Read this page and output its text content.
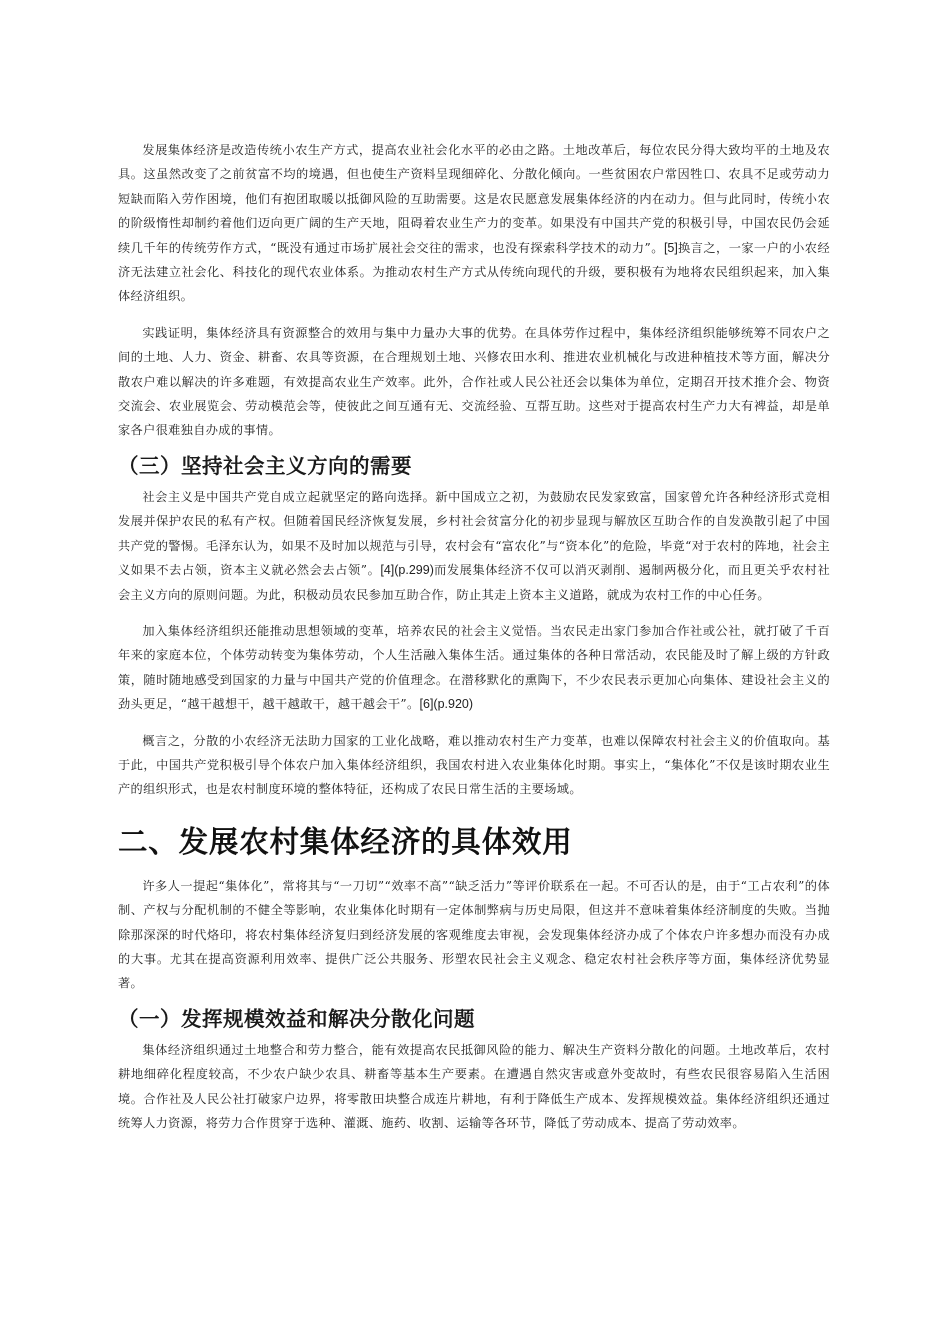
发展集体经济是改造传统小农生产方式，提高农业社会化水平的必由之路。土地改革后，每位农民分得大致均平的土地及农具。这虽然改变了之前贫富不均的境遇，但也使生产资料呈现细碎化、分散化倾向。一些贫困农户常因牲口、农具不足或劳动力短缺而陷入劳作困境，他们有抱团取暖以抵御风险的互助需要。这是农民愿意发展集体经济的内在动力。但与此同时，传统小农的阶级惰性却制约着他们迈向更广阔的生产天地，阻碍着农业生产力的变革。如果没有中国共产党的积极引导，中国农民仍会延续几千年的传统劳作方式，“既没有通过市场扩展社会交往的需求，也没有探索科学技术的动力”。[5]换言之，一家一户的小农经济无法建立社会化、科技化的现代农业体系。为推动农村生产方式从传统向现代的升级，要积极有为地将农民组织起来，加入集体经济组织。

实践证明，集体经济具有资源整合的效用与集中力量办大事的优势。在具体劳作过程中，集体经济组织能够统筹不同农户之间的土地、人力、资金、耕畜、农具等资源，在合理规划土地、兴修农田水利、推进农业机械化与改进种植技术等方面，解决分散农户难以解决的许多难题，有效提高农业生产效率。此外，合作社或人民公社还会以集体为单位，定期召开技术推介会、物资交流会、农业展览会、劳动模范会等，使彼此之间互通有无、交流经验、互帮互助。这些对于提高农村生产力大有裨益，却是单家各户很难独自办成的事情。

（三）坚持社会主义方向的需要

社会主义是中国共产党自成立起就坚定的路向选择。新中国成立之初，为鼓励农民发家致富，国家曾允许各种经济形式竞相发展并保护农民的私有产权。但随着国民经济恢复发展，乡村社会贫富分化的初步显现与解放区互助合作的自发涣散引起了中国共产党的警惕。毛泽东认为，如果不及时加以规范与引导，农村会有“富农化”与“资本化”的危险，毕竟“对于农村的阵地，社会主义如果不去占领，资本主义就必然会去占领”。[4](p.299)而发展集体经济不仅可以消灭剥削、遏制两极分化，而且更关乎农村社会主义方向的原则问题。为此，积极动员农民参加互助合作，防止其走上资本主义道路，就成为农村工作的中心任务。

加入集体经济组织还能推动思想领域的变革，培养农民的社会主义觉悟。当农民走出家门参加合作社或公社，就打破了千百年来的家庭本位，个体劳动转变为集体劳动，个人生活融入集体生活。通过集体的各种日常活动，农民能及时了解上级的方针政策，随时随地感受到国家的力量与中国共产党的价值理念。在潜移默化的熏陶下，不少农民表示更加心向集体、建设社会主义的劲头更足，“越干越想干，越干越敢干，越干越会干”。[6](p.920)

概言之，分散的小农经济无法助力国家的工业化战略，难以推动农村生产力变革，也难以保障农村社会主义的价值取向。基于此，中国共产党积极引导个体农户加入集体经济组织，我国农村进入农业集体化时期。事实上，“集体化”不仅是该时期农业生产的组织形式，也是农村制度环境的整体特征，还构成了农民日常生活的主要场域。

二、发展农村集体经济的具体效用

许多人一提起“集体化”，常将其与“一刀切”“效率不高”“缺乏活力”等评价联系在一起。不可否认的是，由于“工占农利”的体制、产权与分配机制的不健全等影响，农业集体化时期有一定体制弊病与历史局限，但这并不意味着集体经济制度的失败。当抛除那深深的时代烙印，将农村集体经济复归到经济发展的客观维度去审视，会发现集体经济办成了个体农户许多想办而没有办成的大事。尤其在提高资源利用效率、提供广泛公共服务、形塑农民社会主义观念、稳定农村社会秩序等方面，集体经济优势显著。

（一）发挥规模效益和解决分散化问题

集体经济组织通过土地整合和劳力整合，能有效提高农民抵御风险的能力、解决生产资料分散化的问题。土地改革后，农村耕地细碎化程度较高，不少农户缺少农具、耕畜等基本生产要素。在遭遇自然灾害或意外变故时，有些农民很容易陷入生活困境。合作社及人民公社打破家户边界，将零散田块整合成连片耕地，有利于降低生产成本、发挥规模效益。集体经济组织还通过统筹人力资源，将劳力合作贯穿于选种、灌溉、施药、收割、运输等各环节，降低了劳动成本、提高了劳动效率。
